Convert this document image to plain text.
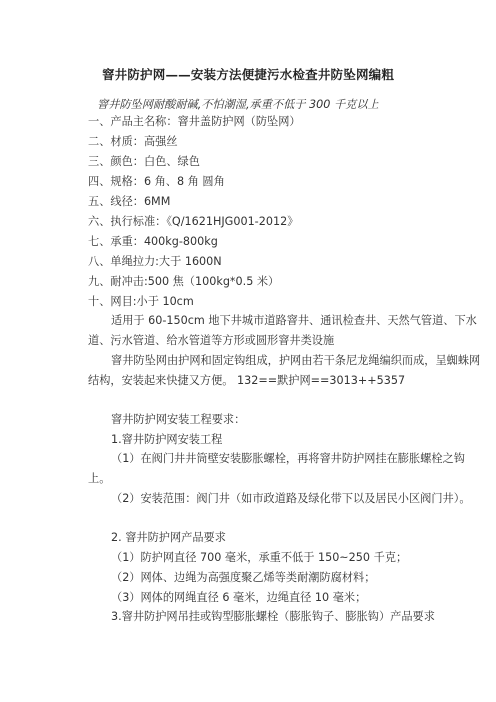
窨井防护网——安装方法便捷污水检查井防坠网编粗
窨井防坠网耐酸耐碱,不怕潮湿,承重不低于 300 千克以上
一、产品主名称：窨井盖防护网（防坠网）
二、材质：高强丝
三、颜色：白色、绿色
四、规格：6 角、8 角 圆角
五、线径：6MM
六、执行标准：《Q/1621HJG001-2012》
七、承重：400kg-800kg
八、单绳拉力:大于 1600N
九、耐冲击:500 焦（100kg*0.5 米）
十、网目:小于 10cm
适用于 60-150cm 地下井城市道路窨井、通讯检查井、天然气管道、下水道、污水管道、给水管道等方形或圆形窨井类设施
窨井防坠网由护网和固定钩组成，护网由若干条尼龙绳编织而成，呈蜘蛛网结构，安装起来快捷又方便。 132==默护网==3013++5357
窨井防护网安装工程要求：
1.窨井防护网安装工程
（1）在阀门井井筒壁安装膨胀螺栓，再将窨井防护网挂在膨胀螺栓之钩上。
（2）安装范围：阀门井（如市政道路及绿化带下以及居民小区阀门井）。
2. 窨井防护网产品要求
（1）防护网直径 700 毫米，承重不低于 150~250 千克；
（2）网体、边绳为高强度聚乙烯等类耐潮防腐材料；
（3）网体的网绳直径 6 毫米，边绳直径 10 毫米；
3.窨井防护网吊挂或钩型膨胀螺栓（膨胀钩子、膨胀钩）产品要求
